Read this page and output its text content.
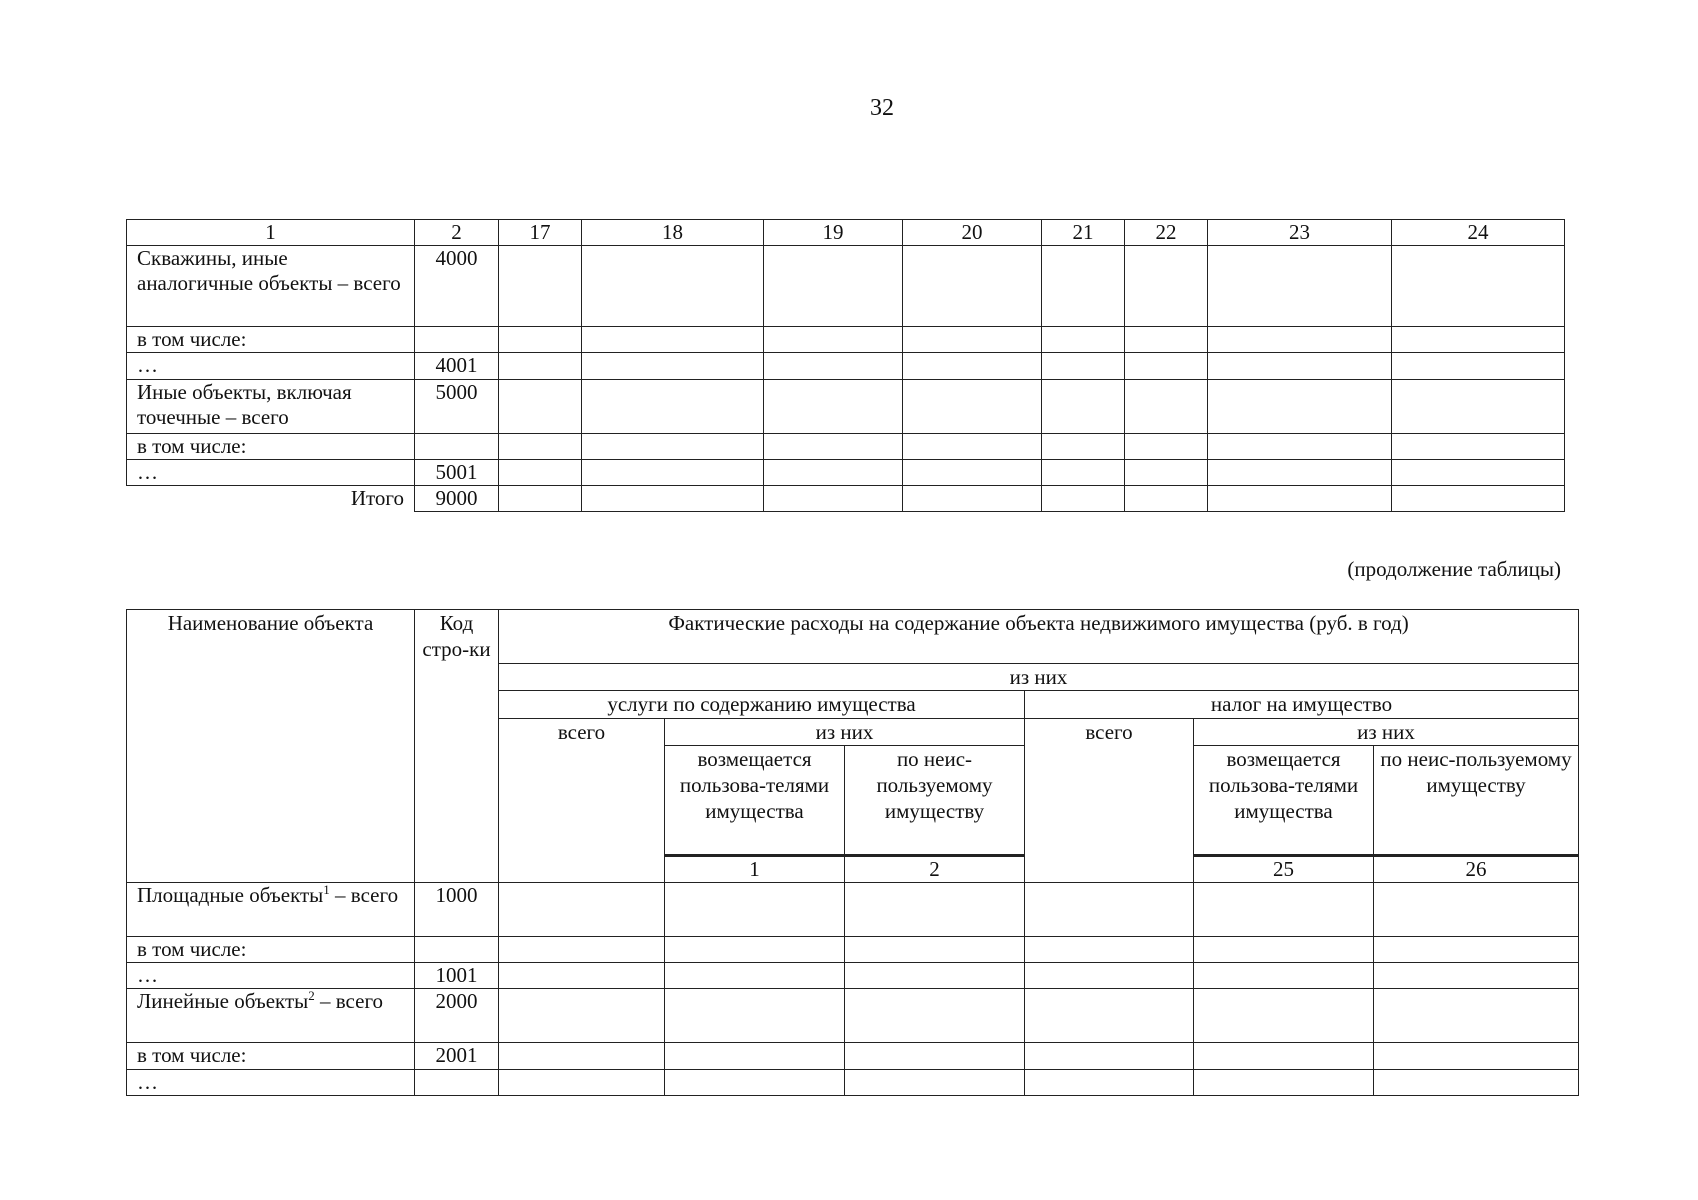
32
1	2	17	18	19	20	21	22	23	24
Скважины, иные аналогичные объекты – всего	4000								
в том числе:									
…	4001								
Иные объекты, включая точечные – всего	5000								
в том числе:									
…	5001								
Итого	9000								
(продолжение таблицы)
Наименование объекта	Код стро-ки	Фактические расходы на содержание объекта недвижимого имущества (руб. в год)						
		из них						
		услуги по содержанию имущества			налог на имущество			
		всего	из них		всего	из них		
			возмещается пользова-телями имущества	по неис-пользуемому имуществу		возмещается пользова-телями имущества	по неис-пользуемому имуществу	
			1	2		25	26				
Площадные объекты$^1$ – всего	1000							
в том числе:								
…	1001							
Линейные объекты$^2$ – всего	2000							
в том числе:	2001							
…								
